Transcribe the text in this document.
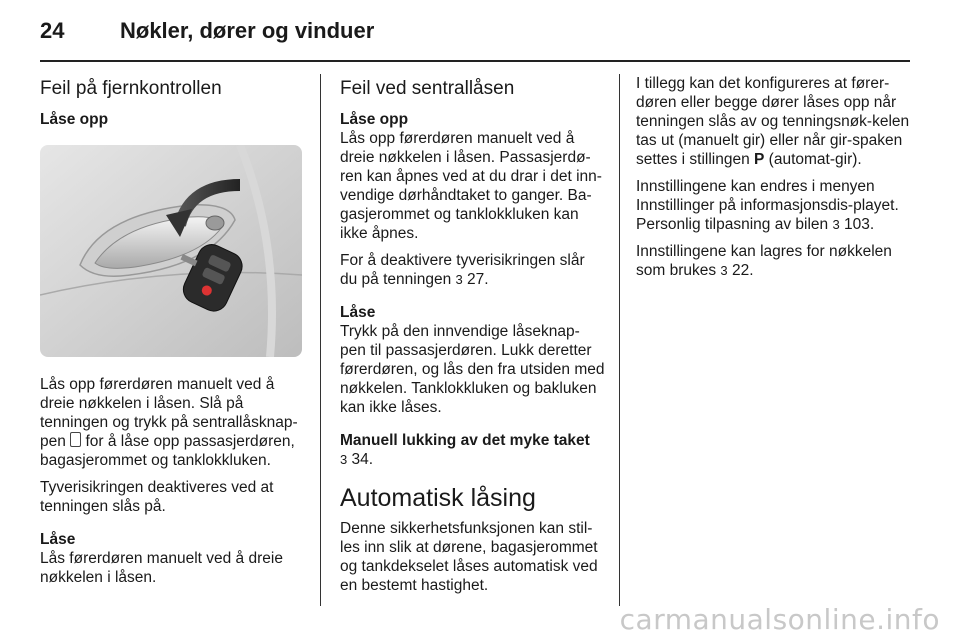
24	Nøkler, dører og vinduer
Feil på fjernkontrollen
Låse opp

Lås opp førerdøren manuelt ved å dreie nøkkelen i låsen. Slå på tenningen og trykk på sentrallåsknap-pen  for å låse opp passasjerdøren, bagasjerommet og tanklokkluken.

Tyverisikringen deaktiveres ved at tenningen slås på.

Låse

Lås førerdøren manuelt ved å dreie nøkkelen i låsen.

Feil ved sentrallåsen
Låse opp

Lås opp førerdøren manuelt ved å dreie nøkkelen i låsen. Passasjerdø-ren kan åpnes ved at du drar i det inn-vendige dørhåndtaket to ganger. Ba-gasjerommet og tanklokkluken kan ikke åpnes.

For å deaktivere tyverisikringen slår du på tenningen 3 27.

Låse

Trykk på den innvendige låseknap-pen til passasjerdøren. Lukk deretter førerdøren, og lås den fra utsiden med nøkkelen. Tanklokkluken og bakluken kan ikke låses.

Manuell lukking av det myke taket

3 34.

Automatisk låsing

Denne sikkerhetsfunksjonen kan stil-les inn slik at dørene, bagasjerommet og tankdekselet låses automatisk ved en bestemt hastighet.

I tillegg kan det konfigureres at fører-døren eller begge dører låses opp når tenningen slås av og tenningsnøk-kelen tas ut (manuelt gir) eller når gir-spaken settes i stillingen P (automat-gir).

Innstillingene kan endres i menyen Innstillinger på informasjonsdis-playet. Personlig tilpasning av bilen 3 103.

Innstillingene kan lagres for nøkkelen som brukes 3 22.

carmanualsonline.info
